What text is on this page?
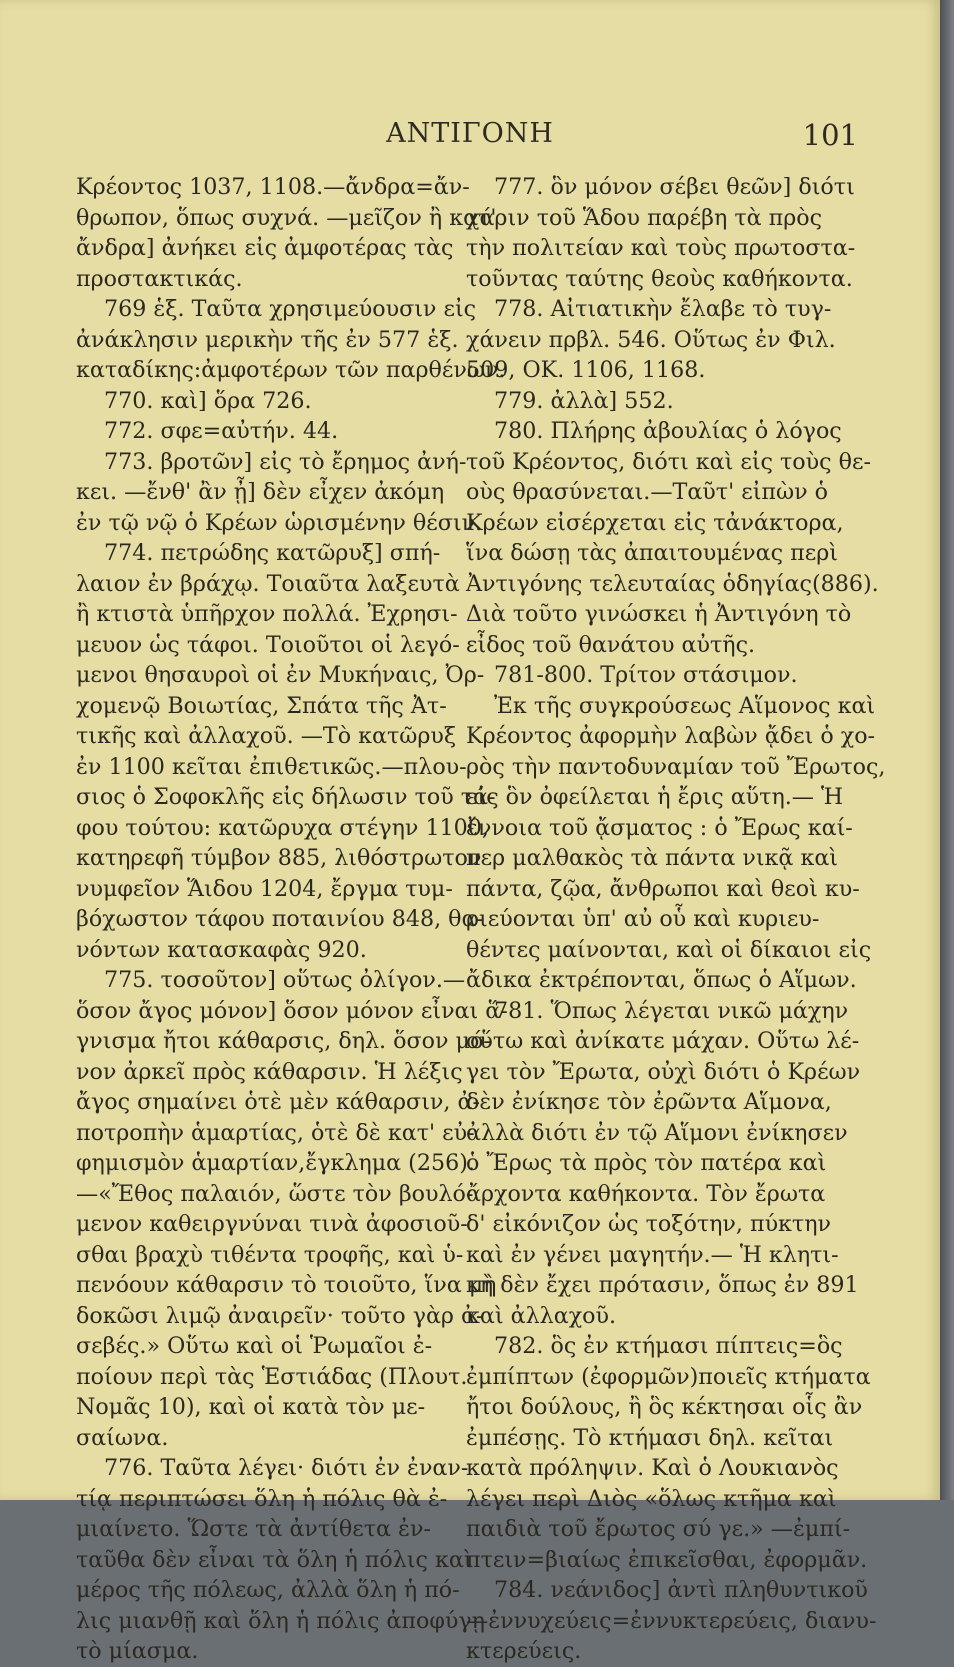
ΑΝΤΙΓΟΝΗ	101
Κρέοντος 1037, 1108.—ἄνδρα=ἄν-
θρωπον, ὅπως συχνά. —μεῖζον ἢ κατ'
ἄνδρα] ἀνήκει εἰς ἀμφοτέρας τὰς
προστακτικάς.
769 ἑξ. Ταῦτα χρησιμεύουσιν εἰς
ἀνάκλησιν μερικὴν τῆς ἐν 577 ἑξ.
καταδίκης:ἀμφοτέρων τῶν παρθένων.
770. καὶ] ὅρα 726.
772. σφε=αὐτήν. 44.
773. βροτῶν] εἰς τὸ ἔρημος ἀνή-
κει. —ἔνθ' ἂν ᾖ] δὲν εἶχεν ἀκόμη
ἐν τῷ νῷ ὁ Κρέων ὡρισμένην θέσιν.
774. πετρώδης κατῶρυξ] σπή-
λαιον ἐν βράχῳ. Τοιαῦτα λαξευτὰ
ἢ κτιστὰ ὑπῆρχον πολλά. Ἐχρησι-
μευον ὡς τάφοι. Τοιοῦτοι οἱ λεγό-
μενοι θησαυροὶ οἱ ἐν Μυκήναις, Ὀρ-
χομενῷ Βοιωτίας, Σπάτα τῆς Ἀτ-
τικῆς καὶ ἀλλαχοῦ. —Τὸ κατῶρυξ
ἐν 1100 κεῖται ἐπιθετικῶς.—πλου-
σιος ὁ Σοφοκλῆς εἰς δήλωσιν τοῦ τά-
φου τούτου: κατῶρυχα στέγην 1100,
κατηρεφῆ τύμβον 885, λιθόστρωτον
νυμφεῖον Ἅιδου 1204, ἔργμα τυμ-
βόχωστον τάφου ποταινίου 848, θα-
νόντων κατασκαφὰς 920.
775. τοσοῦτον] οὕτως ὀλίγον.—
ὅσον ἄγος μόνον] ὅσον μόνον εἶναι ἅ-
γνισμα ἤτοι κάθαρσις, δηλ. ὅσον μό-
νον ἀρκεῖ πρὸς κάθαρσιν. Ἡ λέξις
ἄγος σημαίνει ὁτὲ μὲν κάθαρσιν, ἀ-
ποτροπὴν ἁμαρτίας, ὁτὲ δὲ κατ' εὐ-
φημισμὸν ἁμαρτίαν,ἔγκλημα (256).
—«Ἔθος παλαιόν, ὥστε τὸν βουλό-
μενον καθειργνύναι τινὰ ἀφοσιοῦ-
σθαι βραχὺ τιθέντα τροφῆς, καὶ ὑ-
πενόουν κάθαρσιν τὸ τοιοῦτο, ἵνα μὴ
δοκῶσι λιμῷ ἀναιρεῖν· τοῦτο γὰρ ἀ-
σεβές.» Οὕτω καὶ οἱ Ῥωμαῖοι ἐ-
ποίουν περὶ τὰς Ἑστιάδας (Πλουτ.
Νομᾶς 10), καὶ οἱ κατὰ τὸν με-
σαίωνα.
776. Ταῦτα λέγει· διότι ἐν ἐναν-
τίᾳ περιπτώσει ὅλη ἡ πόλις θὰ ἐ-
μιαίνετο. Ὥστε τὰ ἀντίθετα ἐν-
ταῦθα δὲν εἶναι τὰ ὅλη ἡ πόλις καὶ
μέρος τῆς πόλεως, ἀλλὰ ὅλη ἡ πό-
λις μιανθῇ καὶ ὅλη ἡ πόλις ἀποφύγῃ
τὸ μίασμα.
777. ὃν μόνον σέβει θεῶν] διότι
χάριν τοῦ Ἅδου παρέβη τὰ πρὸς
τὴν πολιτείαν καὶ τοὺς πρωτοστα-
τοῦντας ταύτης θεοὺς καθήκοντα.
778. Αἰτιατικὴν ἔλαβε τὸ τυγ-
χάνειν πρβλ. 546. Οὕτως ἐν Φιλ.
509, ΟΚ. 1106, 1168.
779. ἀλλὰ] 552.
780. Πλήρης ἀβουλίας ὁ λόγος
τοῦ Κρέοντος, διότι καὶ εἰς τοὺς θε-
οὺς θρασύνεται.—Ταῦτ' εἰπὼν ὁ
Κρέων εἰσέρχεται εἰς τἀνάκτορα,
ἵνα δώσῃ τὰς ἀπαιτουμένας περὶ
Ἀντιγόνης τελευταίας ὁδηγίας(886).
Διὰ τοῦτο γινώσκει ἡ Ἀντιγόνη τὸ
εἶδος τοῦ θανάτου αὐτῆς.
781-800. Τρίτον στάσιμον.
Ἐκ τῆς συγκρούσεως Αἵμονος καὶ
Κρέοντος ἀφορμὴν λαβὼν ᾄδει ὁ χο-
ρὸς τὴν παντοδυναμίαν τοῦ Ἔρωτος,
εἰς ὃν ὀφείλεται ἡ ἔρις αὕτη.— Ἡ
ἔννοια τοῦ ᾄσματος : ὁ Ἔρως καί-
περ μαλθακὸς τὰ πάντα νικᾷ καὶ
πάντα, ζῷα, ἄνθρωποι καὶ θεοὶ κυ-
ριεύονται ὑπ' αὐ οὗ καὶ κυριευ-
θέντες μαίνονται, καὶ οἱ δίκαιοι εἰς
ἄδικα ἐκτρέπονται, ὅπως ὁ Αἵμων.
781. Ὅπως λέγεται νικῶ μάχην
οὕτω καὶ ἀνίκατε μάχαν. Οὕτω λέ-
γει τὸν Ἔρωτα, οὐχὶ διότι ὁ Κρέων
δὲν ἐνίκησε τὸν ἐρῶντα Αἵμονα,
ἀλλὰ διότι ἐν τῷ Αἵμονι ἐνίκησεν
ὁ Ἔρως τὰ πρὸς τὸν πατέρα καὶ
ἄρχοντα καθήκοντα. Τὸν ἔρωτα
δ' εἰκόνιζον ὡς τοξότην, πύκτην
καὶ ἐν γένει μαγητήν.— Ἡ κλητι-
κὴ δὲν ἔχει πρότασιν, ὅπως ἐν 891
καὶ ἀλλαχοῦ.
782. ὃς ἐν κτήμασι πίπτεις=ὃς
ἐμπίπτων (ἐφορμῶν)ποιεῖς κτήματα
ἤτοι δούλους, ἢ ὃς κέκτησαι οἷς ἂν
ἐμπέσῃς. Τὸ κτήμασι δηλ. κεῖται
κατὰ πρόληψιν. Καὶ ὁ Λουκιανὸς
λέγει περὶ Διὸς «ὅλως κτῆμα καὶ
παιδιὰ τοῦ ἔρωτος σύ γε.» —ἐμπί-
πτειν=βιαίως ἐπικεῖσθαι, ἐφορμᾶν.
784. νεάνιδος] ἀντὶ πληθυντικοῦ
—ἐννυχεύεις=ἐννυκτερεύεις, διανυ-
κτερεύεις.
